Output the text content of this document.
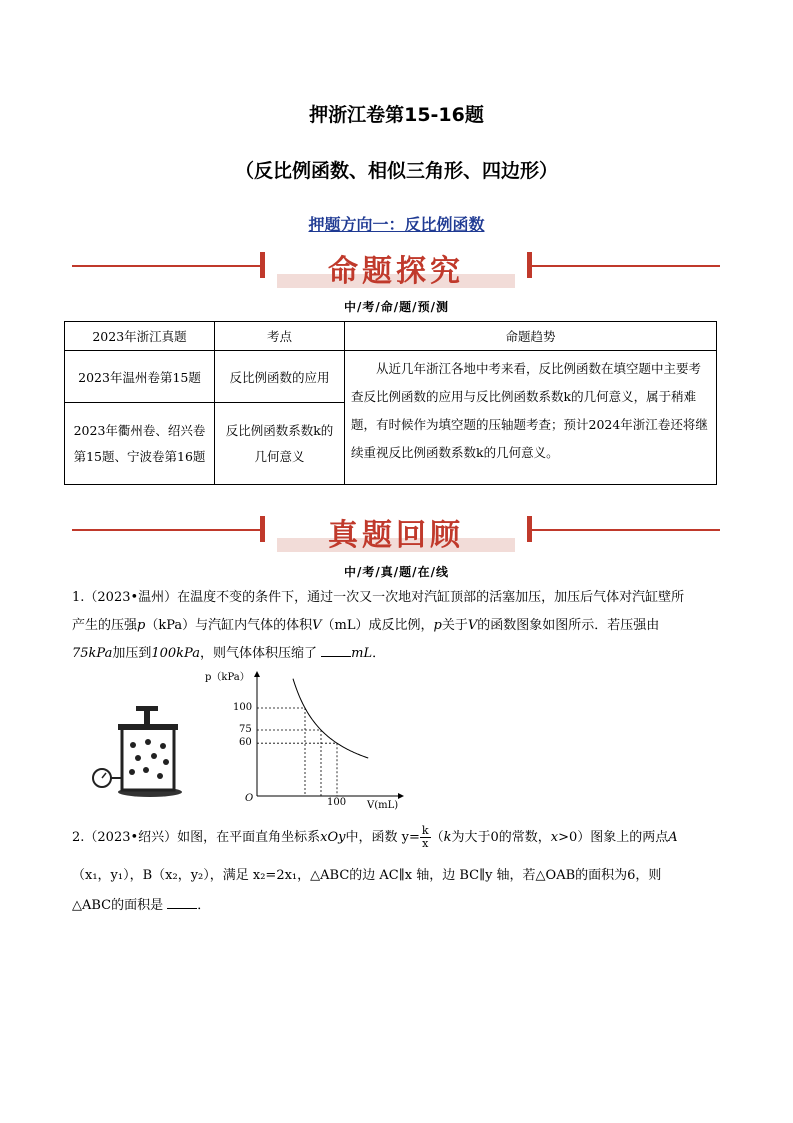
押浙江卷第15-16题
（反比例函数、相似三角形、四边形）
押题方向一：反比例函数
命题探究
中/考/命/题/预/测
2023年浙江真题	考点	命题趋势
2023年温州卷第15题	反比例函数的应用	从近几年浙江各地中考来看，反比例函数在填空题中主要考查反比例函数的应用与反比例函数系数k的几何意义，属于稍难题，有时候作为填空题的压轴题考查；预计2024年浙江卷还将继续重视反比例函数系数k的几何意义。
2023年衢州卷、绍兴卷第15题、宁波卷第16题	反比例函数系数k的几何意义	
真题回顾
中/考/真/题/在/线
1.（2023•温州）在温度不变的条件下，通过一次又一次地对汽缸顶部的活塞加压，加压后气体对汽缸壁所
产生的压强p（kPa）与汽缸内气体的体积V（mL）成反比例，p关于V的函数图象如图所示．若压强由
75kPa加压到100kPa，则气体体积压缩了	mL．
p（kPa）
V(mL)
O
100
75
60
100
2.（2023•绍兴）如图，在平面直角坐标系xOy中，函数 $y= \frac{k}{x} (k$为大于0的常数，x>0）图象上的两点A
（x₁，y₁），B（x₂，y₂），满足 x₂=2x₁，△ABC的边 AC∥x 轴，边 BC∥y 轴，若△OAB的面积为6，则
△ABC的面积是	．
